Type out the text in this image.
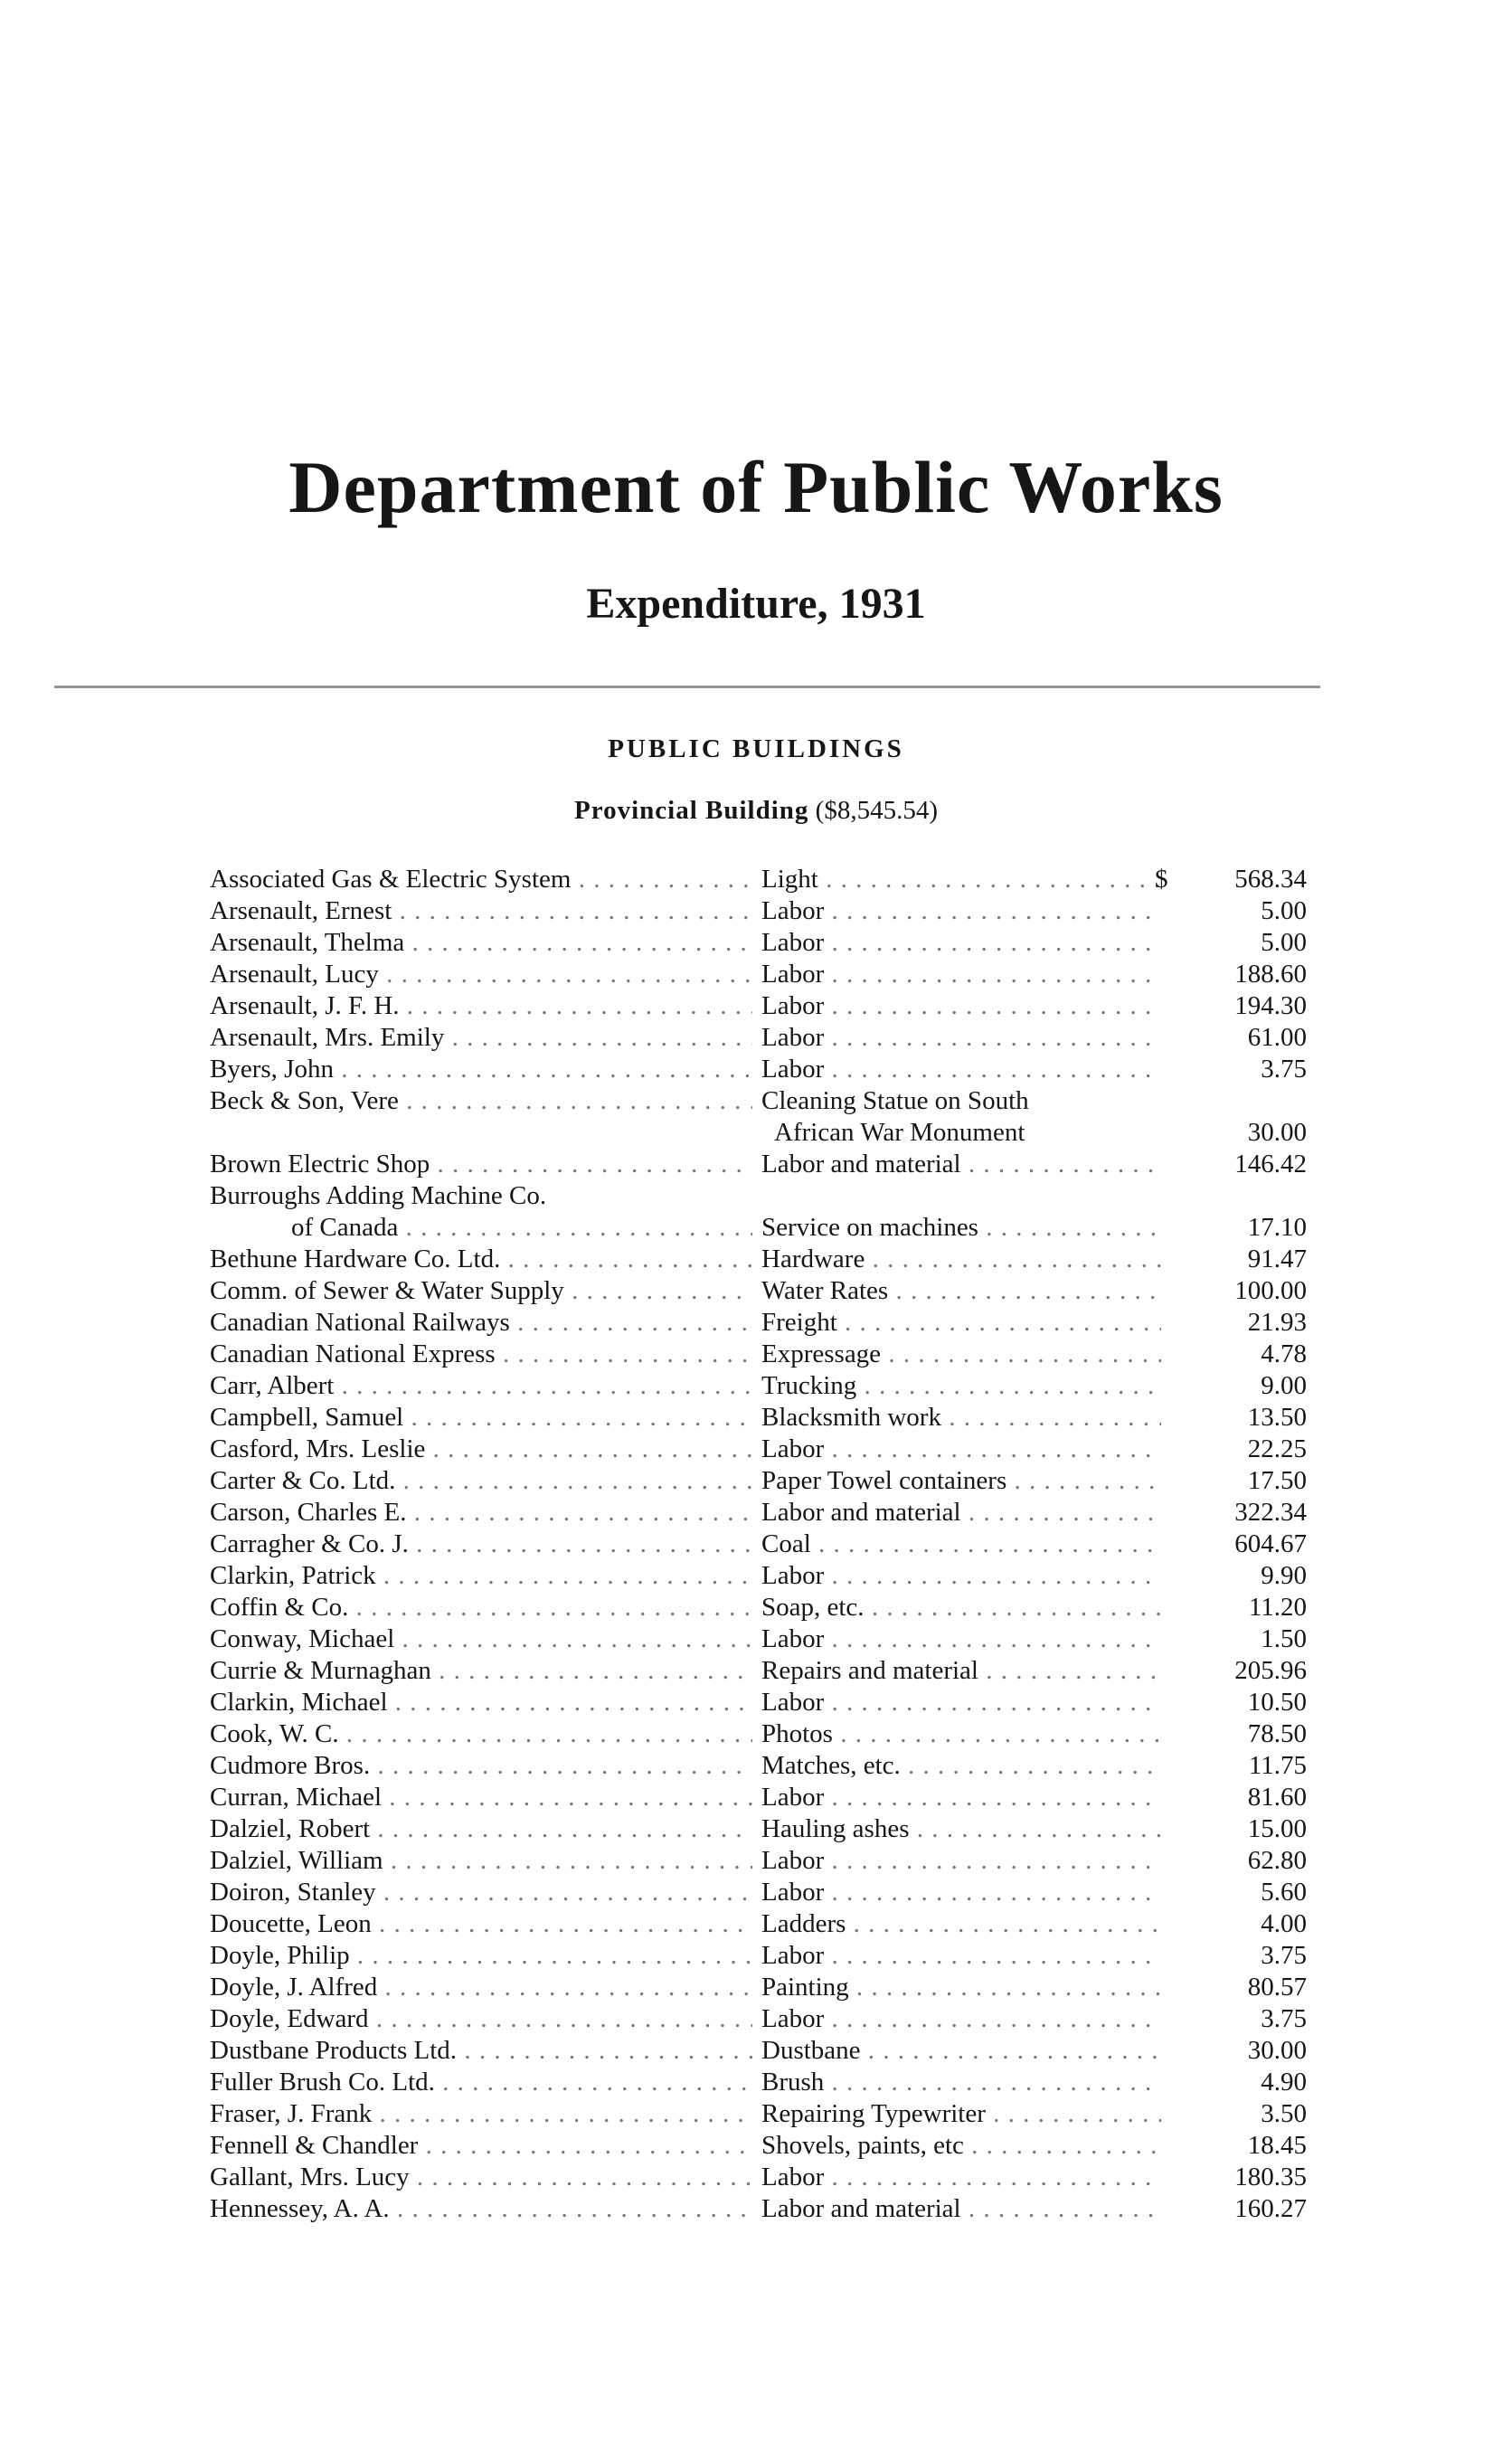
Department of Public Works
Expenditure, 1931
PUBLIC BUILDINGS
Provincial Building ($8,545.54)
Associated Gas & Electric System . . .	Light . . .	$	568.34
Arsenault, Ernest . . .	Labor . . .	5.00
Arsenault, Thelma . . .	Labor . . .	5.00
Arsenault, Lucy . . .	Labor . . .	188.60
Arsenault, J. F. H. . . .	Labor . . .	194.30
Arsenault, Mrs. Emily . . .	Labor . . .	61.00
Byers, John . . .	Labor . . .	3.75
Beck & Son, Vere . . .	Cleaning Statue on South
African War Monument	30.00
Brown Electric Shop . . .	Labor and material . . .	146.42
Burroughs Adding Machine Co.
of Canada . . .	Service on machines . . .	17.10
Bethune Hardware Co. Ltd. . . .	Hardware . . .	91.47
Comm. of Sewer & Water Supply . . .	Water Rates . . .	100.00
Canadian National Railways . . .	Freight . . .	21.93
Canadian National Express . . .	Expressage . . .	4.78
Carr, Albert . . .	Trucking . . .	9.00
Campbell, Samuel . . .	Blacksmith work . . .	13.50
Casford, Mrs. Leslie . . .	Labor . . .	22.25
Carter & Co. Ltd. . . .	Paper Towel containers . . .	17.50
Carson, Charles E. . . .	Labor and material . . .	322.34
Carragher & Co. J. . . .	Coal . . .	604.67
Clarkin, Patrick . . .	Labor . . .	9.90
Coffin & Co. . . .	Soap, etc. . . .	11.20
Conway, Michael . . .	Labor . . .	1.50
Currie & Murnaghan . . .	Repairs and material . . .	205.96
Clarkin, Michael . . .	Labor . . .	10.50
Cook, W. C. . . .	Photos . . .	78.50
Cudmore Bros. . . .	Matches, etc. . . .	11.75
Curran, Michael . . .	Labor . . .	81.60
Dalziel, Robert . . .	Hauling ashes . . .	15.00
Dalziel, William . . .	Labor . . .	62.80
Doiron, Stanley . . .	Labor . . .	5.60
Doucette, Leon . . .	Ladders . . .	4.00
Doyle, Philip . . .	Labor . . .	3.75
Doyle, J. Alfred . . .	Painting . . .	80.57
Doyle, Edward . . .	Labor . . .	3.75
Dustbane Products Ltd. . . .	Dustbane . . .	30.00
Fuller Brush Co. Ltd. . . .	Brush . . .	4.90
Fraser, J. Frank . . .	Repairing Typewriter . . .	3.50
Fennell & Chandler . . .	Shovels, paints, etc . . .	18.45
Gallant, Mrs. Lucy . . .	Labor . . .	180.35
Hennessey, A. A. . . .	Labor and material . . .	160.27
